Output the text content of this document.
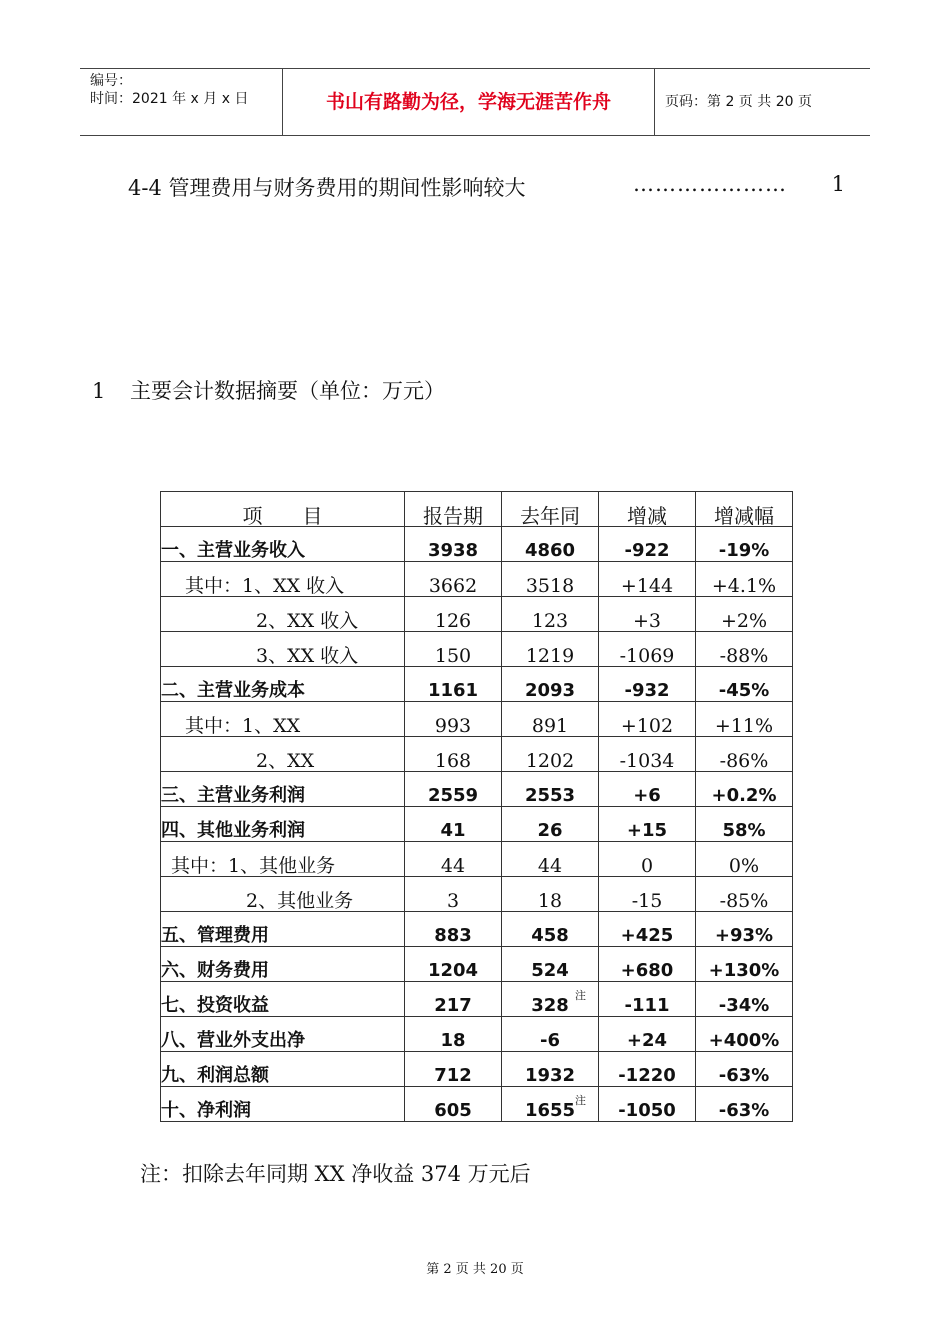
编号：
时间：2021 年 x 月 x 日	书山有路勤为径，学海无涯苦作舟	页码：第 2 页 共 20 页
4-4 管理费用与财务费用的期间性影响较大	………………… 1
1 主要会计数据摘要（单位：万元）
项　　目	报告期	去年同	增减	增减幅
一、主营业务收入	3938	4860	-922	-19%
其中：1、XX 收入	3662	3518	+144	+4.1%
2、XX 收入	126	123	+3	+2%
3、XX 收入	150	1219	-1069	-88%
二、主营业务成本	1161	2093	-932	-45%
其中：1、XX	993	891	+102	+11%
2、XX	168	1202	-1034	-86%
三、主营业务利润	2559	2553	+6	+0.2%
四、其他业务利润	41	26	+15	58%
其中：1、其他业务	44	44	0	0%
2、其他业务	3	18	-15	-85%
五、管理费用	883	458	+425	+93%
六、财务费用	1204	524	+680	+130%
七、投资收益	217	328 注	-111	-34%
八、营业外支出净	18	-6	+24	+400%
九、利润总额	712	1932	-1220	-63%
十、净利润	605	1655 注	-1050	-63%
注：扣除去年同期 XX 净收益 374 万元后
第 2 页 共 20 页
